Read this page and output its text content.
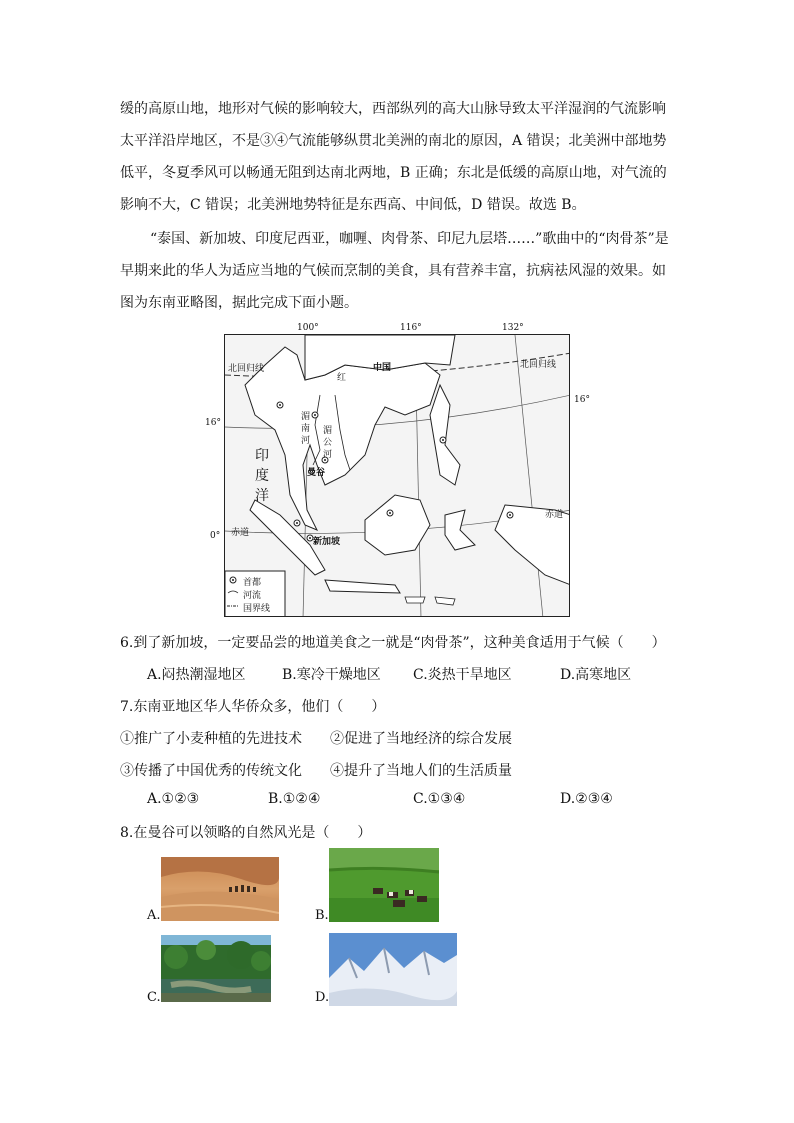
缓的高原山地，地形对气候的影响较大，西部纵列的高大山脉导致太平洋湿润的气流影响
太平洋沿岸地区，不是③④气流能够纵贯北美洲的南北的原因，A 错误；北美洲中部地势
低平，冬夏季风可以畅通无阻到达南北两地，B 正确；东北是低缓的高原山地，对气流的
影响不大，C 错误；北美洲地势特征是东西高、中间低，D 错误。故选 B。
“泰国、新加坡、印度尼西亚，咖喱、肉骨茶、印尼九层塔……”歌曲中的“肉骨茶”是
早期来此的华人为适应当地的气候而烹制的美食，具有营养丰富，抗病祛风湿的效果。如
图为东南亚略图，据此完成下面小题。
100°	116°	132°
16°
16°
0°
北回归线	北回归线
中国
红
湄
南
河
湄
公
河
曼谷
印
度
洋
赤道
赤道
新加坡
首都
河流
国界线
6.到了新加坡，一定要品尝的地道美食之一就是“肉骨茶”，这种美食适用于气候（　　）
A.闷热潮湿地区	B.寒冷干燥地区 C.炎热干旱地区	D.高寒地区
7.东南亚地区华人华侨众多，他们（　　）
①推广了小麦种植的先进技术 ②促进了当地经济的综合发展
③传播了中国优秀的传统文化 ④提升了当地人们的生活质量
A.①②③	B.①②④	C.①③④	D.②③④
8.在曼谷可以领略的自然风光是（　　）
A.	B.
C.	D.
